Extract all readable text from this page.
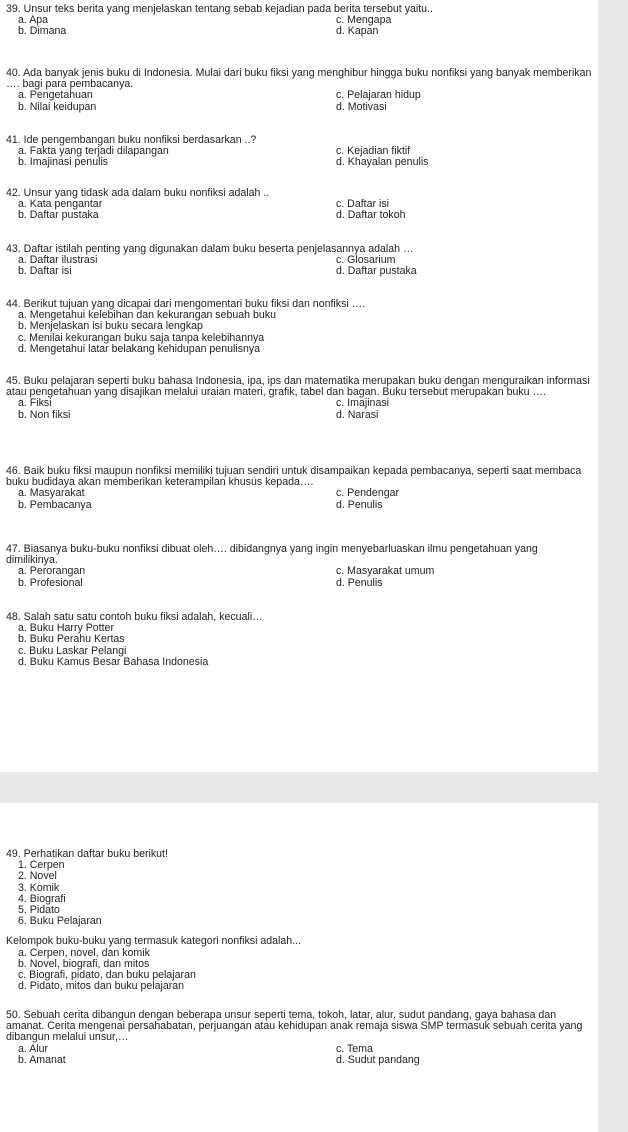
39. Unsur teks berita yang menjelaskan tentang sebab kejadian pada berita tersebut yaitu..

a. Apa	c. Mengapa
b. Dimana	d. Kapan

40. Ada banyak jenis buku di Indonesia. Mulai dari buku fiksi yang menghibur hingga buku nonfiksi yang banyak memberikan …. bagi para pembacanya.

a. Pengetahuan	c. Pelajaran hidup
b. Nilai keidupan	d. Motivasi

41. Ide pengembangan buku nonfiksi berdasarkan ..?

a. Fakta yang terjadi dilapangan	c. Kejadian fiktif
b. Imajinasi penulis	d. Khayalan penulis

42. Unsur yang tidask ada dalam buku nonfiksi adalah ..

a. Kata pengantar	c. Daftar isi
b. Daftar pustaka	d. Daftar tokoh

43. Daftar istilah penting yang digunakan dalam buku beserta penjelasannya adalah …

a. Daftar ilustrasi	c. Glosarium
b. Daftar isi	d. Daftar pustaka

44. Berikut tujuan yang dicapai dari mengomentari buku fiksi dan nonfiksi ….

a. Mengetahui kelebihan dan kekurangan sebuah buku
b. Menjelaskan isi buku secara lengkap
c. Menilai kekurangan buku saja tanpa kelebihannya
d. Mengetahui latar belakang kehidupan penulisnya

45. Buku pelajaran seperti buku bahasa Indonesia, ipa, ips dan matematika merupakan buku dengan menguraikan informasi atau pengetahuan yang disajikan melalui uraian materi, grafik, tabel dan bagan. Buku tersebut merupakan buku ….

a. Fiksi	c. Imajinasi
b. Non fiksi	d. Narasi

46. Baik buku fiksi maupun nonfiksi memiliki tujuan sendiri untuk disampaikan kepada pembacanya, seperti saat membaca buku budidaya akan memberikan keterampilan khusus kepada….

a. Masyarakat	c. Pendengar
b. Pembacanya	d. Penulis

47. Biasanya buku-buku nonfiksi dibuat oleh…. dibidangnya yang ingin menyebarluaskan ilmu pengetahuan yang dimilikinya.

a. Perorangan	c. Masyarakat umum
b. Profesional	d. Penulis

48. Salah satu satu contoh buku fiksi adalah, kecuali…

a. Buku Harry Potter
b. Buku Perahu Kertas
c. Buku Laskar Pelangi
d. Buku Kamus Besar Bahasa Indonesia

49. Perhatikan daftar buku berikut!

1. Cerpen
2. Novel
3. Komik
4. Biografi
5. Pidato
6. Buku Pelajaran

Kelompok buku-buku yang termasuk kategori nonfiksi adalah...

a. Cerpen, novel, dan komik
b. Novel, biografi, dan mitos
c. Biografi, pidato, dan buku pelajaran
d. Pidato, mitos dan buku pelajaran

50. Sebuah cerita dibangun dengan beberapa unsur seperti tema, tokoh, latar, alur, sudut pandang, gaya bahasa dan amanat. Cerita mengenai persahabatan, perjuangan atau kehidupan anak remaja siswa SMP termasuk sebuah cerita yang dibangun melalui unsur,…

a. Alur	c. Tema
b. Amanat	d. Sudut pandang
